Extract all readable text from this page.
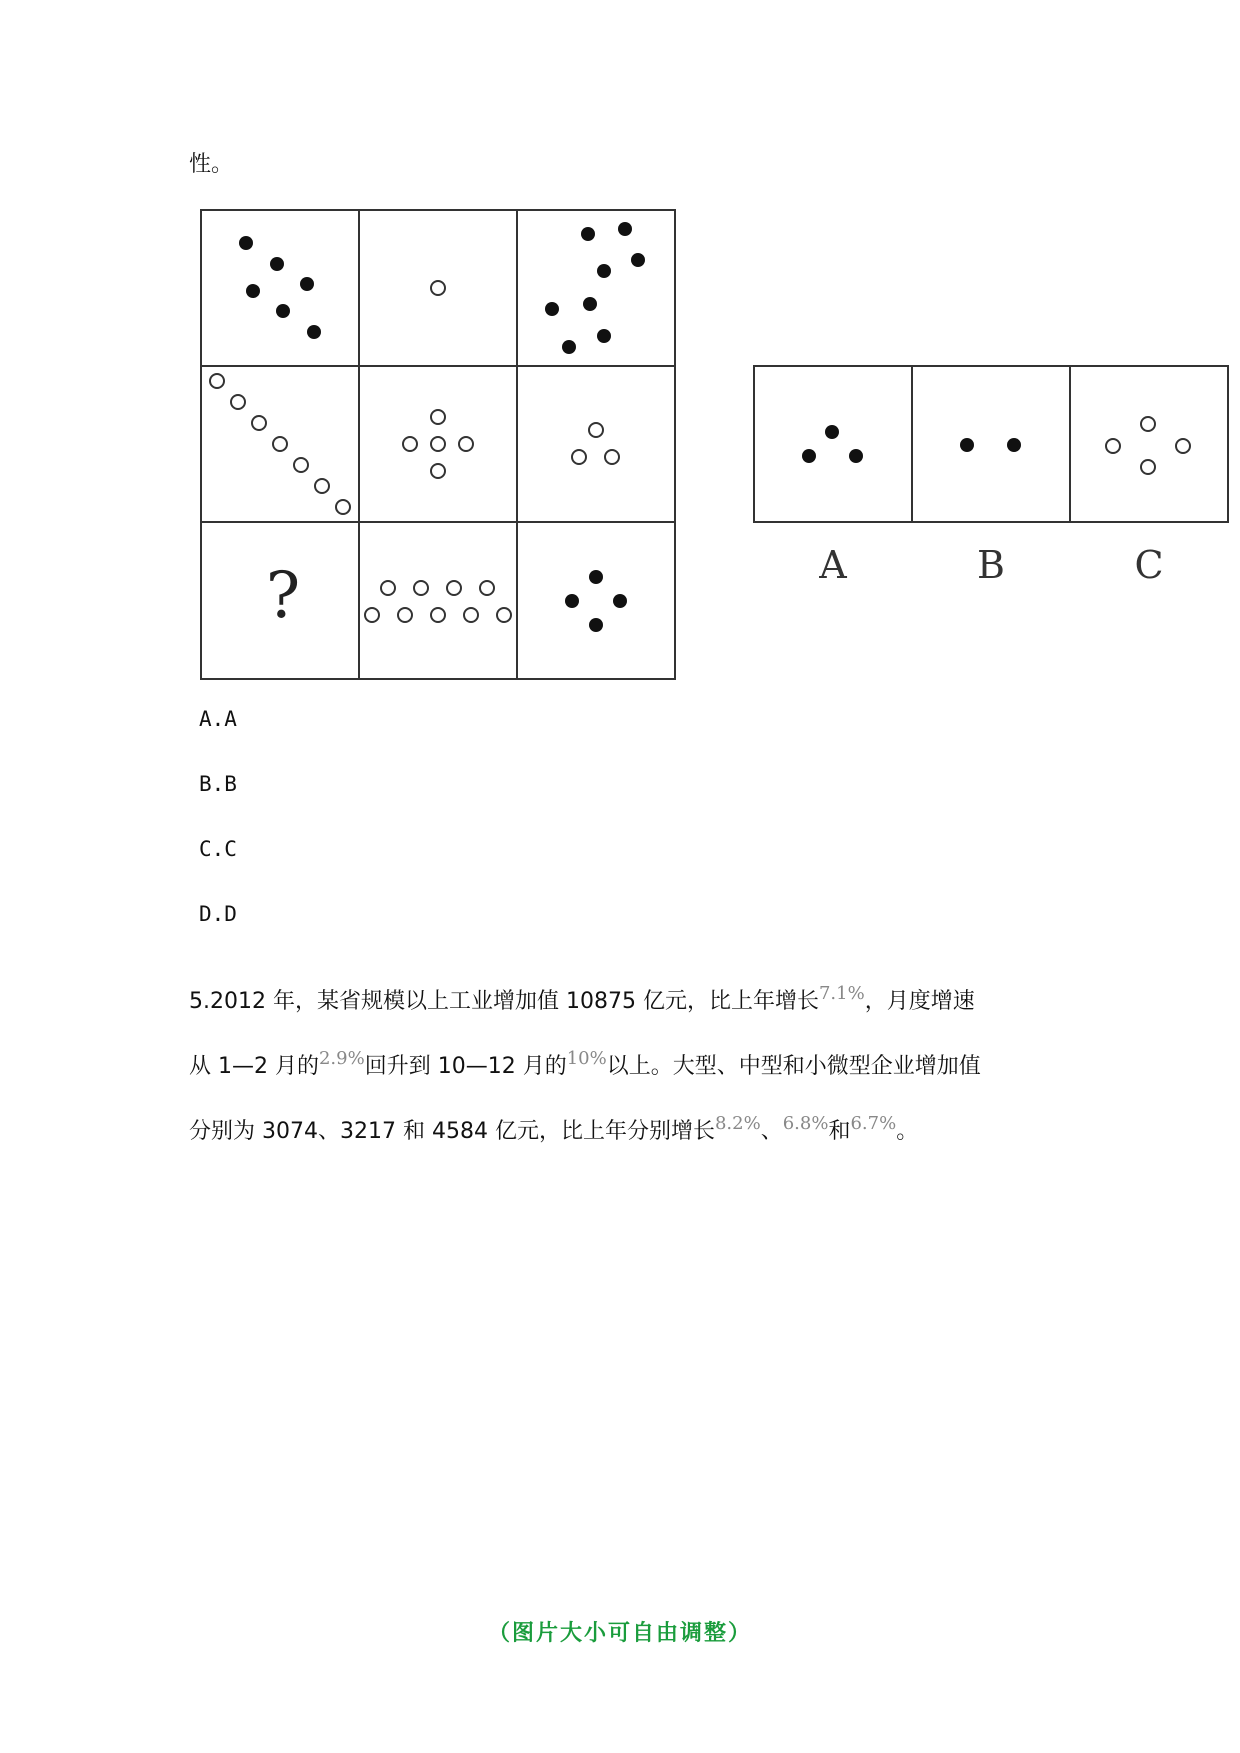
性。
?	A	B	C
A.A
B.B
C.C
D.D
5.2012 年，某省规模以上工业增加值 10875 亿元，比上年增长$^{7.1\%}$，月度增速
从 1—2 月的$^{2.9\%}$回升到 10—12 月的$^{10\%}$以上。大型、中型和小微型企业增加值
分别为 3074、3217 和 4584 亿元，比上年分别增长$^{8.2\%}$、$^{6.8\%}$和$^{6.7\%}$。
（图片大小可自由调整）
